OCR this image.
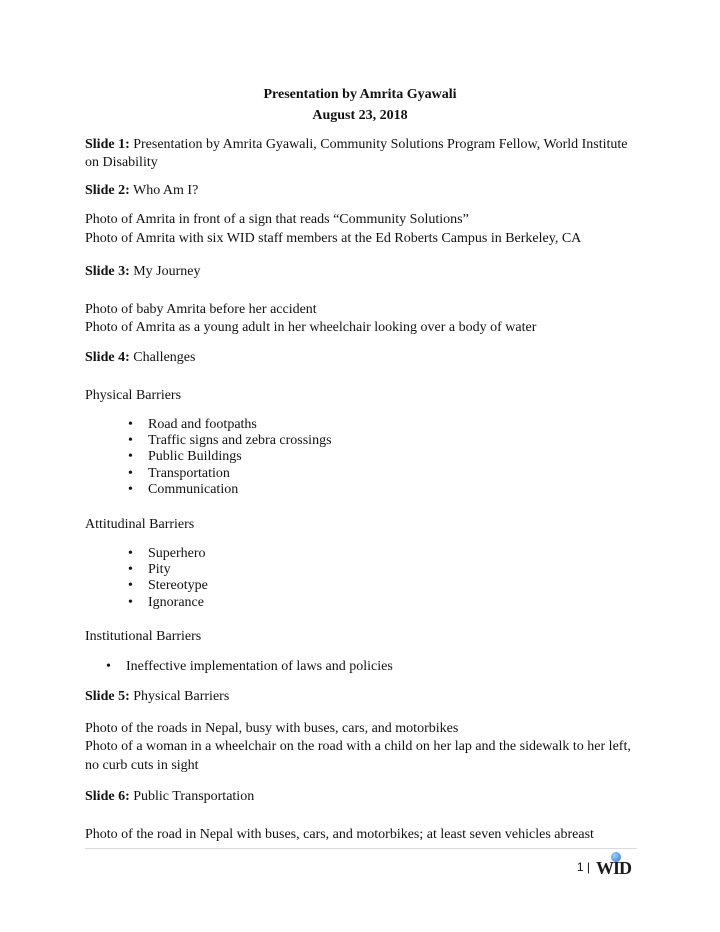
Presentation by Amrita Gyawali
August 23, 2018
Slide 1: Presentation by Amrita Gyawali, Community Solutions Program Fellow, World Institute
on Disability
Slide 2: Who Am I?
Photo of Amrita in front of a sign that reads “Community Solutions”
Photo of Amrita with six WID staff members at the Ed Roberts Campus in Berkeley, CA
Slide 3: My Journey
Photo of baby Amrita before her accident
Photo of Amrita as a young adult in her wheelchair looking over a body of water
Slide 4: Challenges
Physical Barriers
•	Road and footpaths
•	Traffic signs and zebra crossings
•	Public Buildings
•	Transportation
•	Communication
Attitudinal Barriers
•	Superhero
•	Pity
•	Stereotype
•	Ignorance
Institutional Barriers
• Ineffective implementation of laws and policies
Slide 5: Physical Barriers
Photo of the roads in Nepal, busy with buses, cars, and motorbikes
Photo of a woman in a wheelchair on the road with a child on her lap and the sidewalk to her left,
no curb cuts in sight
Slide 6: Public Transportation
Photo of the road in Nepal with buses, cars, and motorbikes; at least seven vehicles abreast
1 | WID
